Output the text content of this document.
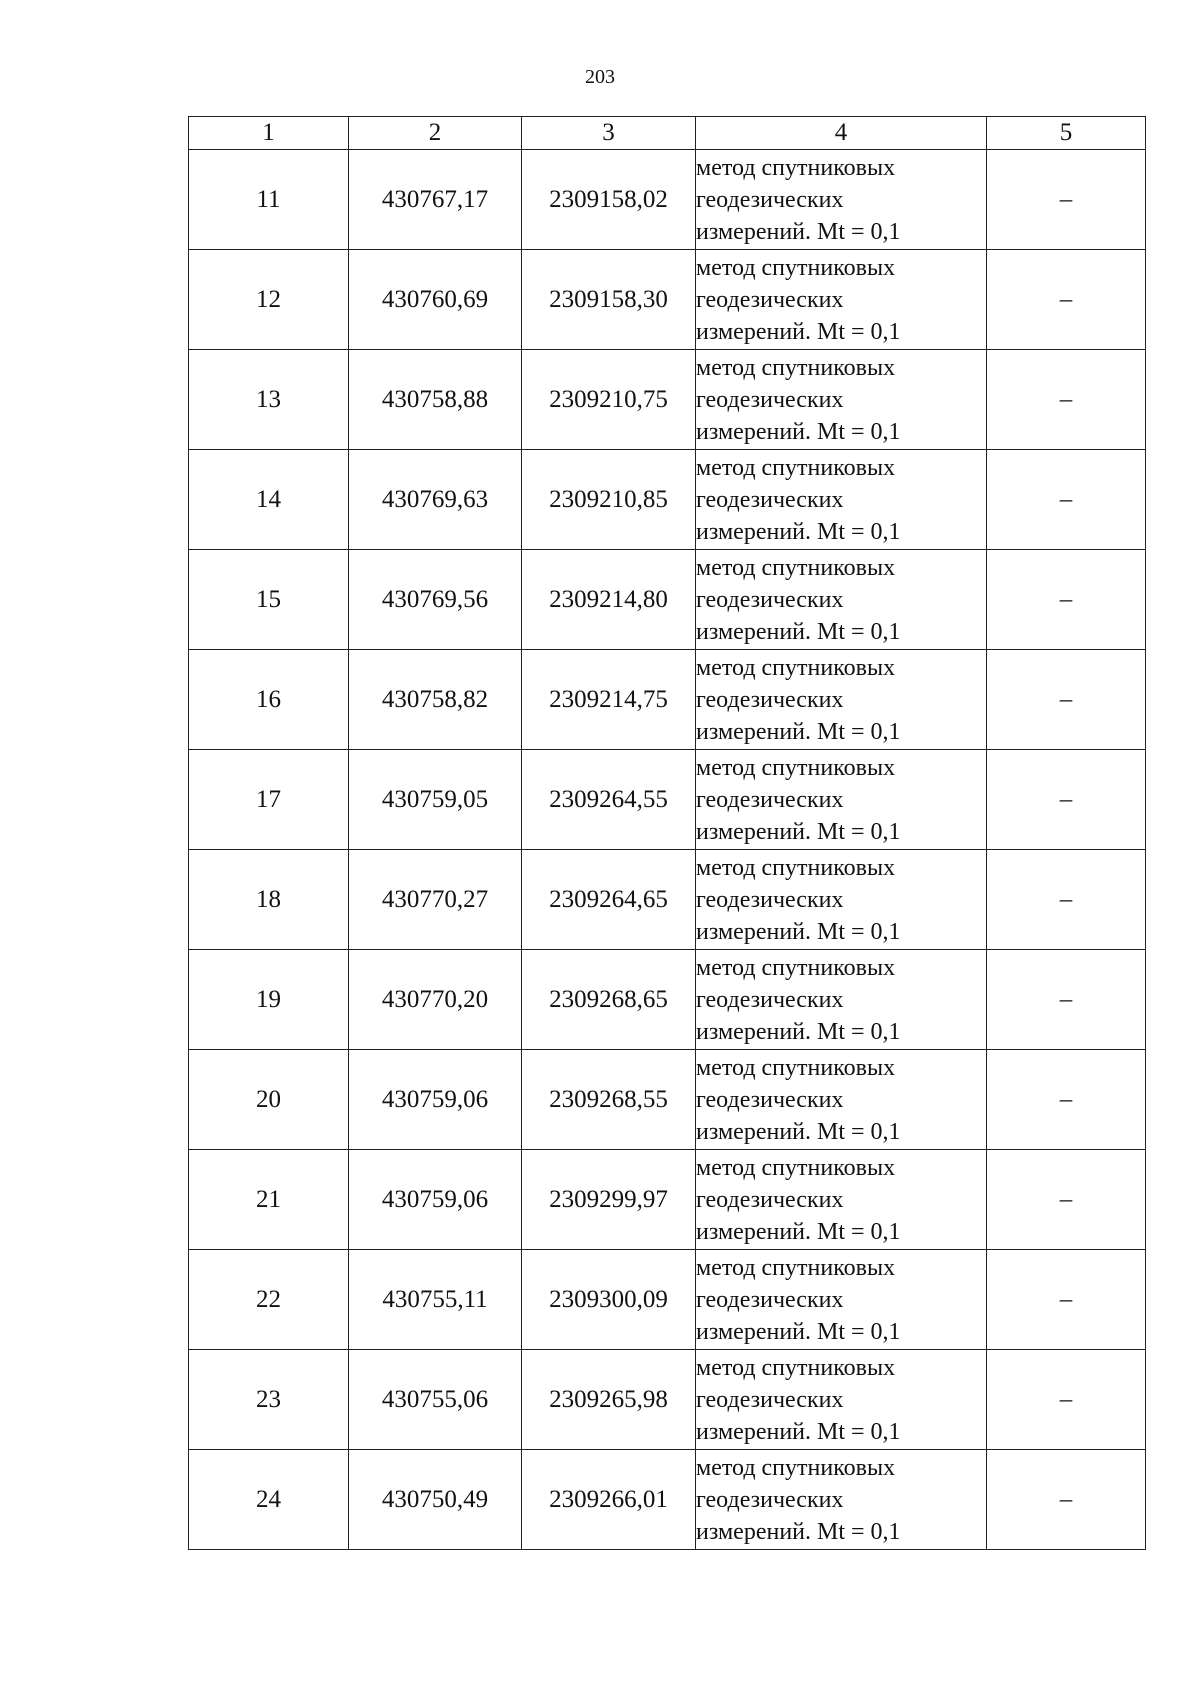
203
1	2	3	4	5
11	430767,17	2309158,02	метод спутниковых
геодезических
измерений. Mt = 0,1	–
12	430760,69	2309158,30	метод спутниковых
геодезических
измерений. Mt = 0,1	–
13	430758,88	2309210,75	метод спутниковых
геодезических
измерений. Mt = 0,1	–
14	430769,63	2309210,85	метод спутниковых
геодезических
измерений. Mt = 0,1	–
15	430769,56	2309214,80	метод спутниковых
геодезических
измерений. Mt = 0,1	–
16	430758,82	2309214,75	метод спутниковых
геодезических
измерений. Mt = 0,1	–
17	430759,05	2309264,55	метод спутниковых
геодезических
измерений. Mt = 0,1	–
18	430770,27	2309264,65	метод спутниковых
геодезических
измерений. Mt = 0,1	–
19	430770,20	2309268,65	метод спутниковых
геодезических
измерений. Mt = 0,1	–
20	430759,06	2309268,55	метод спутниковых
геодезических
измерений. Mt = 0,1	–
21	430759,06	2309299,97	метод спутниковых
геодезических
измерений. Mt = 0,1	–
22	430755,11	2309300,09	метод спутниковых
геодезических
измерений. Mt = 0,1	–
23	430755,06	2309265,98	метод спутниковых
геодезических
измерений. Mt = 0,1	–
24	430750,49	2309266,01	метод спутниковых
геодезических
измерений. Mt = 0,1	–
